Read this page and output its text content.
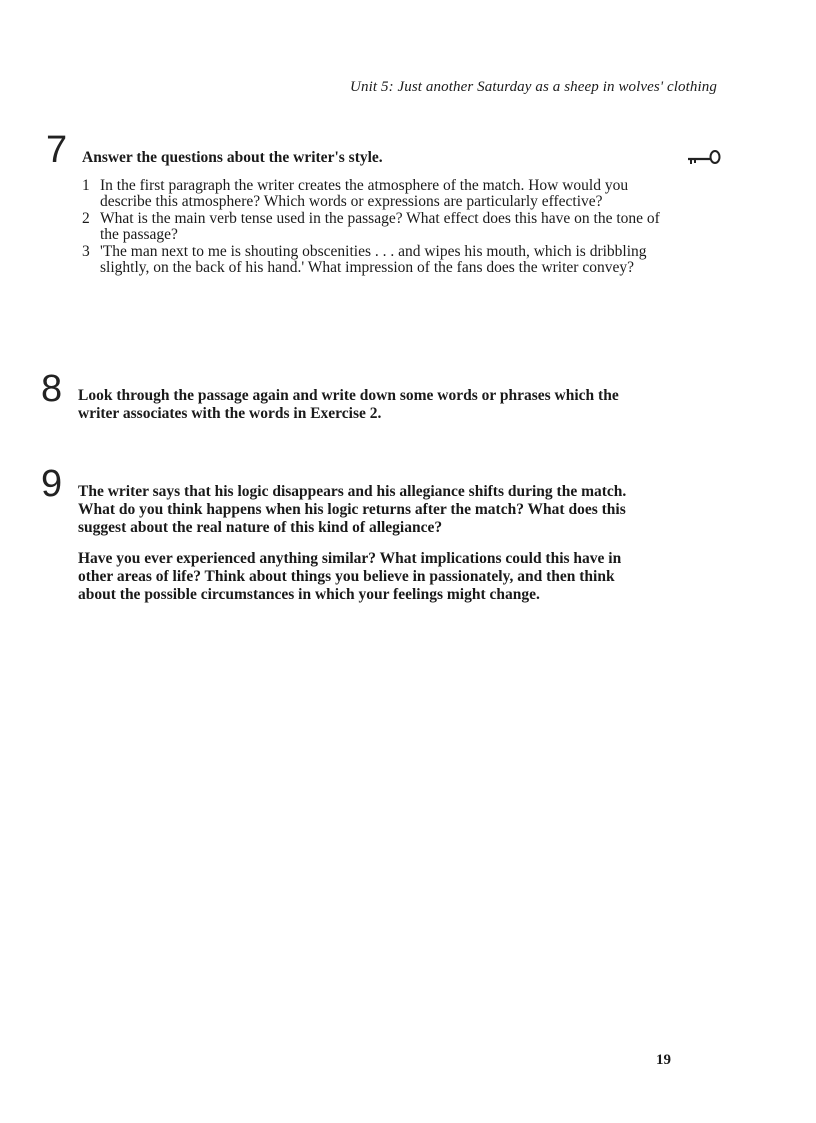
Unit 5: Just another Saturday as a sheep in wolves' clothing
7 Answer the questions about the writer's style.
1 In the first paragraph the writer creates the atmosphere of the match. How would you describe this atmosphere? Which words or expressions are particularly effective?
2 What is the main verb tense used in the passage? What effect does this have on the tone of the passage?
3 'The man next to me is shouting obscenities . . . and wipes his mouth, which is dribbling slightly, on the back of his hand.' What impression of the fans does the writer convey?
8 Look through the passage again and write down some words or phrases which the writer associates with the words in Exercise 2.

9 The writer says that his logic disappears and his allegiance shifts during the match. What do you think happens when his logic returns after the match? What does this suggest about the real nature of this kind of allegiance?

Have you ever experienced anything similar? What implications could this have in other areas of life? Think about things you believe in passionately, and then think about the possible circumstances in which your feelings might change.

19
